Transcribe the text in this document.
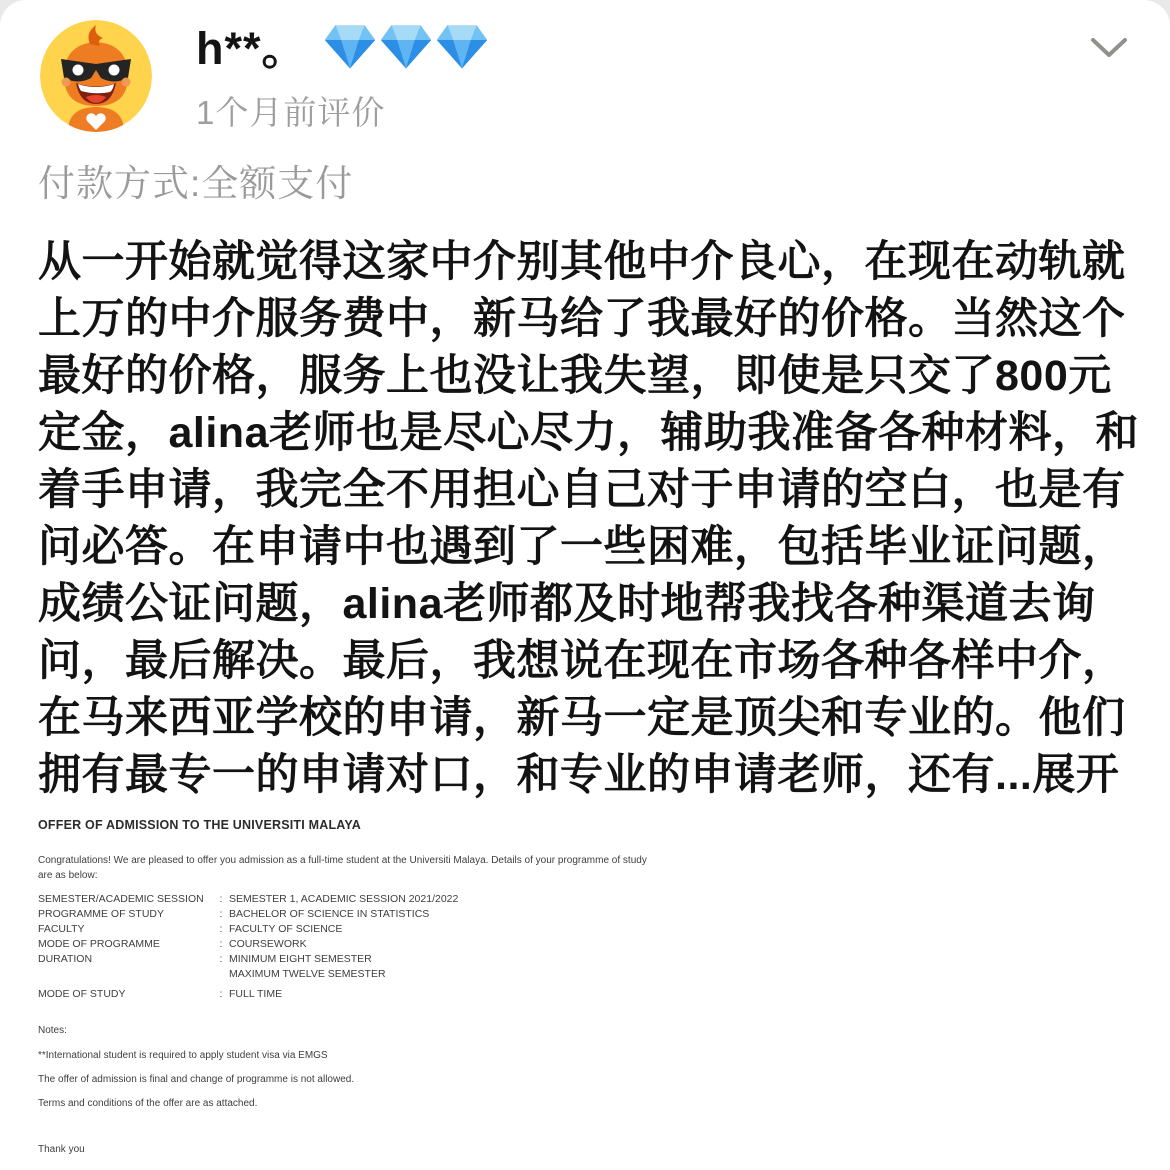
h**。
1个月前评价
付款方式:全额支付
从一开始就觉得这家中介别其他中介良心，在现在动轨就
上万的中介服务费中，新马给了我最好的价格。当然这个
最好的价格，服务上也没让我失望，即使是只交了800元
定金，alina老师也是尽心尽力，辅助我准备各种材料，和
着手申请，我完全不用担心自己对于申请的空白，也是有
问必答。在申请中也遇到了一些困难，包括毕业证问题，
成绩公证问题，alina老师都及时地帮我找各种渠道去询
问，最后解决。最后，我想说在现在市场各种各样中介，
在马来西亚学校的申请，新马一定是顶尖和专业的。他们
拥有最专一的申请对口，和专业的申请老师，还有...展开
OFFER OF ADMISSION TO THE UNIVERSITI MALAYA
Congratulations! We are pleased to offer you admission as a full-time student at the Universiti Malaya. Details of your programme of study are as below:
SEMESTER/ACADEMIC SESSION	: SEMESTER 1, ACADEMIC SESSION 2021/2022
PROGRAMME OF STUDY	: BACHELOR OF SCIENCE IN STATISTICS
FACULTY	: FACULTY OF SCIENCE
MODE OF PROGRAMME	: COURSEWORK
DURATION	: MINIMUM EIGHT SEMESTER
MAXIMUM TWELVE SEMESTER
MODE OF STUDY	: FULL TIME
Notes:
**International student is required to apply student visa via EMGS
The offer of admission is final and change of programme is not allowed.
Terms and conditions of the offer are as attached.
Thank you
